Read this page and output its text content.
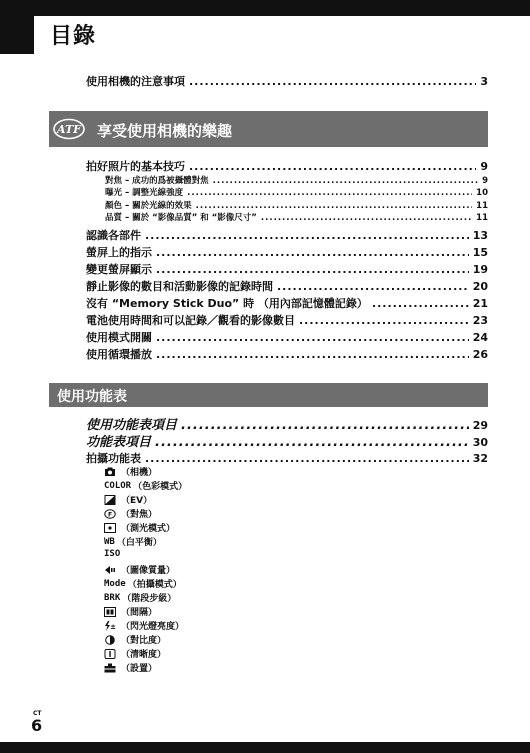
目錄
使用相機的注意事項 .....	3
ATF 享受使用相機的樂趣
拍好照片的基本技巧 .....	9
對焦 – 成功的爲被攝體對焦 .....	9
曝光 – 調整光線強度 .....	10
顏色 – 關於光線的效果 .....	11
品質 – 關於 “影像品質” 和 “影像尺寸” .....	11
認識各部件 .....	13
螢屏上的指示 .....	15
變更螢屏顯示 .....	19
靜止影像的數目和活動影像的記錄時間 .....	20
沒有 “Memory Stick Duo” 時 （用內部記憶體記錄） .....	21
電池使用時間和可以記錄／觀看的影像數目 .....	23
使用模式開關 .....	24
使用循環播放 .....	26
使用功能表
使用功能表項目 .....	29
功能表項目 .....	30
拍攝功能表 .....	32
（相機）
COLOR （色彩模式）
（EV）
F （對焦）
（測光模式）
WB （白平衡）
ISO
（圖像質量）
Mode （拍攝模式）
BRK （階段步級）
（間隔）
± （閃光燈亮度）
（對比度）
（清晰度）
（設置）
CT
6
